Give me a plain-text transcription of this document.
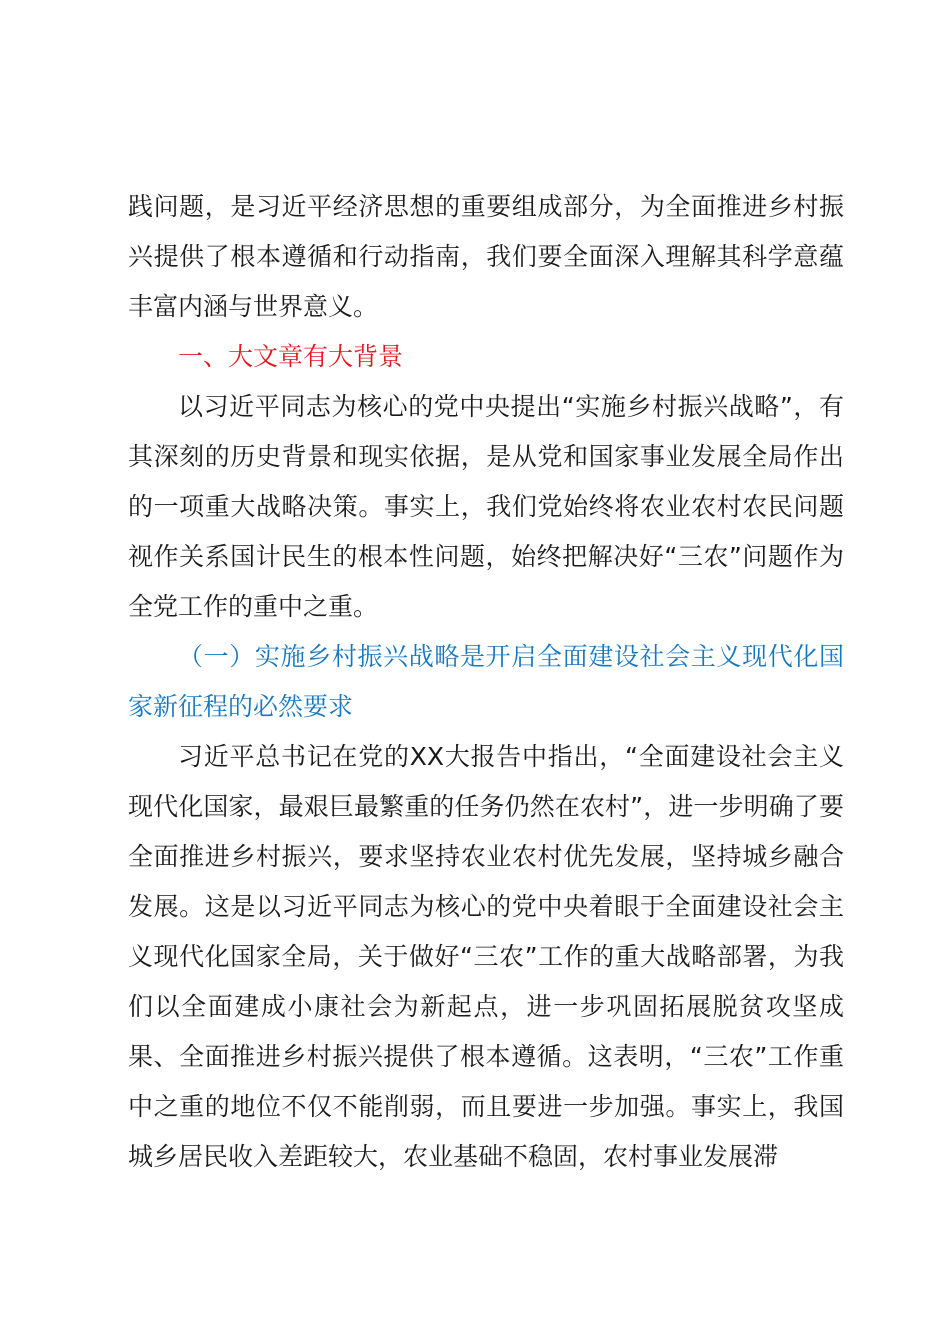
践问题，是习近平经济思想的重要组成部分，为全面推进乡村振兴提供了根本遵循和行动指南，我们要全面深入理解其科学意蕴丰富内涵与世界意义。

一、大文章有大背景

以习近平同志为核心的党中央提出“实施乡村振兴战略”，有其深刻的历史背景和现实依据，是从党和国家事业发展全局作出的一项重大战略决策。事实上，我们党始终将农业农村农民问题视作关系国计民生的根本性问题，始终把解决好“三农”问题作为全党工作的重中之重。

（一）实施乡村振兴战略是开启全面建设社会主义现代化国家新征程的必然要求

习近平总书记在党的XX大报告中指出，“全面建设社会主义现代化国家，最艰巨最繁重的任务仍然在农村”，进一步明确了要全面推进乡村振兴，要求坚持农业农村优先发展，坚持城乡融合发展。这是以习近平同志为核心的党中央着眼于全面建设社会主义现代化国家全局，关于做好“三农”工作的重大战略部署，为我们以全面建成小康社会为新起点，进一步巩固拓展脱贫攻坚成果、全面推进乡村振兴提供了根本遵循。这表明，“三农”工作重中之重的地位不仅不能削弱，而且要进一步加强。事实上，我国城乡居民收入差距较大，农业基础不稳固，农村事业发展滞
